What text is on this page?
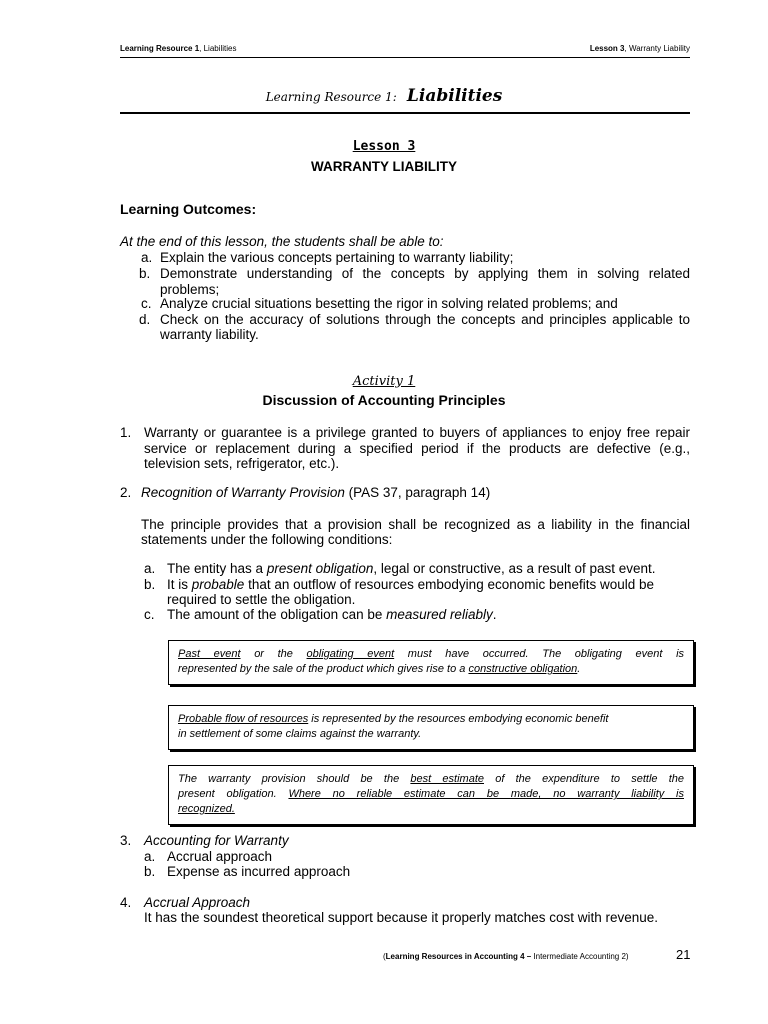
Learning Resource 1, Liabilities	Lesson 3, Warranty Liability
Learning Resource 1: Liabilities
Lesson 3
WARRANTY LIABILITY
Learning Outcomes:
At the end of this lesson, the students shall be able to:
a. Explain the various concepts pertaining to warranty liability;
b. Demonstrate understanding of the concepts by applying them in solving related
problems;
c. Analyze crucial situations besetting the rigor in solving related problems; and
d. Check on the accuracy of solutions through the concepts and principles applicable to
warranty liability.
Activity 1
Discussion of Accounting Principles
1. Warranty or guarantee is a privilege granted to buyers of appliances to enjoy free repair
service or replacement during a specified period if the products are defective (e.g.,
television sets, refrigerator, etc.).
2. Recognition of Warranty Provision (PAS 37, paragraph 14)
The principle provides that a provision shall be recognized as a liability in the financial
statements under the following conditions:
a. The entity has a present obligation, legal or constructive, as a result of past event.
b. It is probable that an outflow of resources embodying economic benefits would be
required to settle the obligation.
c. The amount of the obligation can be measured reliably.
Past event or the obligating event must have occurred. The obligating event is
represented by the sale of the product which gives rise to a constructive obligation.
Probable flow of resources is represented by the resources embodying economic benefit
in settlement of some claims against the warranty.
The warranty provision should be the best estimate of the expenditure to settle the
present obligation. Where no reliable estimate can be made, no warranty liability is
recognized.
3. Accounting for Warranty
a. Accrual approach
b. Expense as incurred approach
4. Accrual Approach
It has the soundest theoretical support because it properly matches cost with revenue.
(Learning Resources in Accounting 4 – Intermediate Accounting 2)	21
